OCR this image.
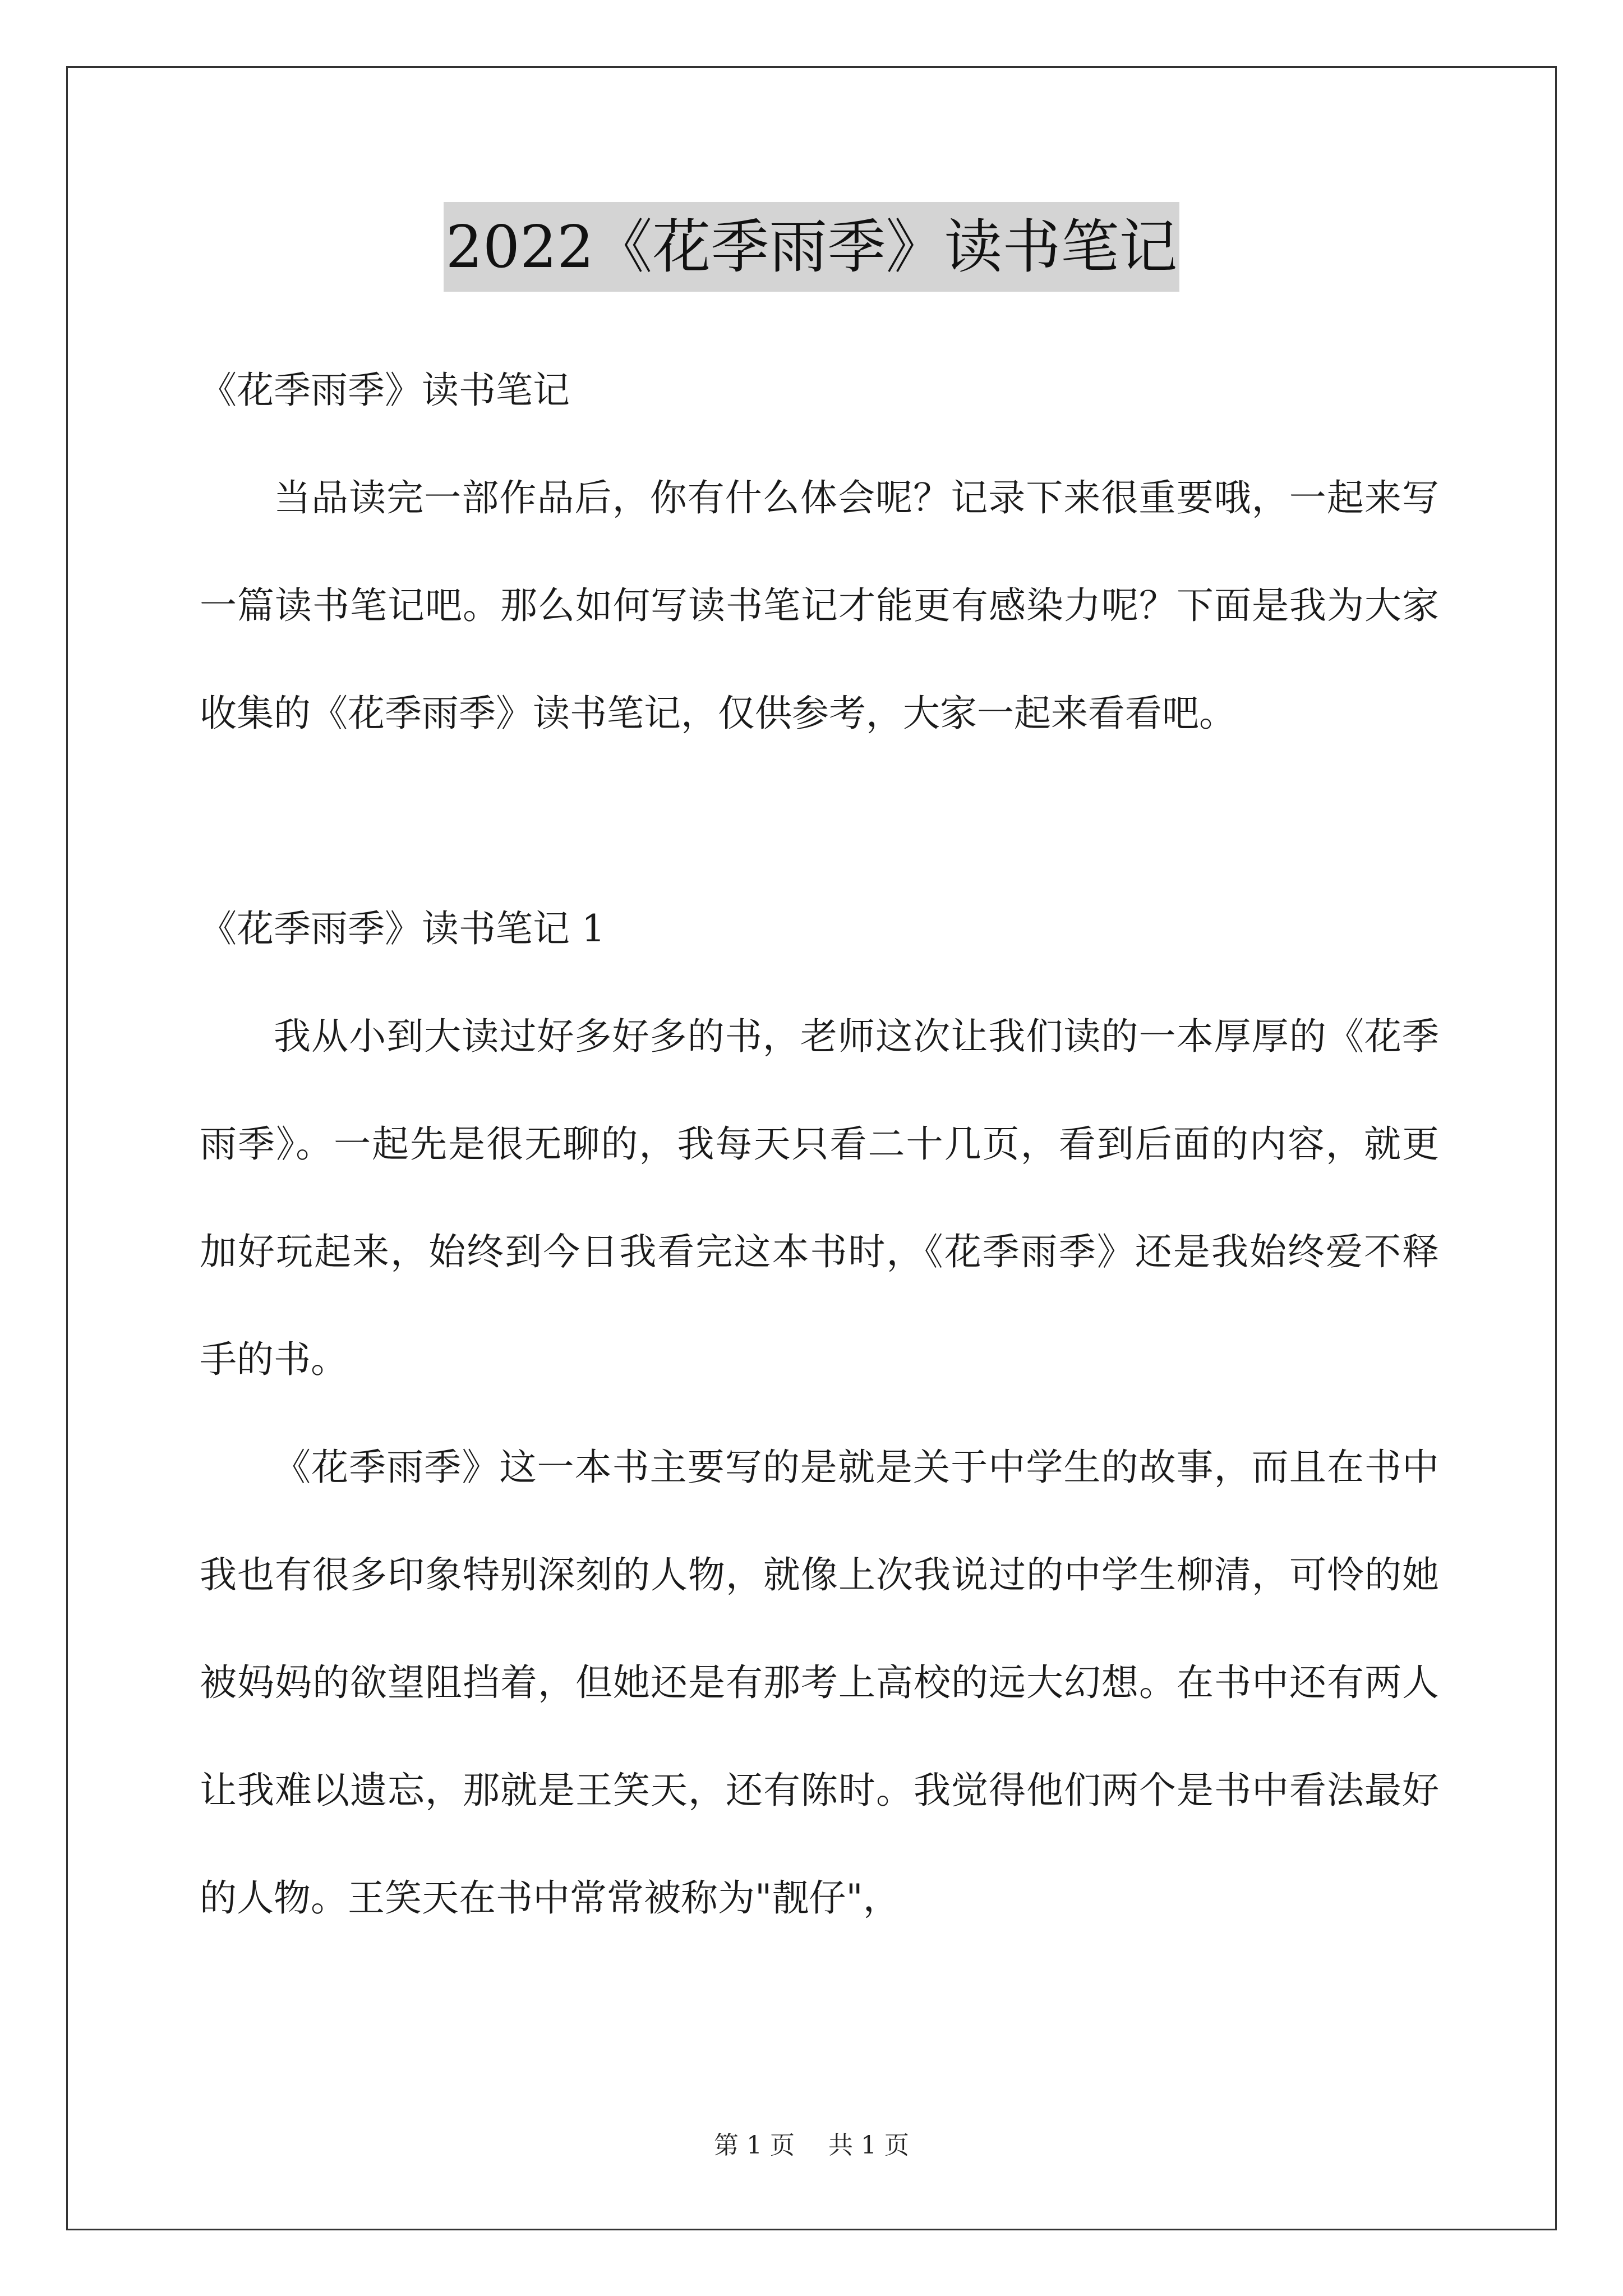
2022《花季雨季》读书笔记

《花季雨季》读书笔记

当品读完一部作品后，你有什么体会呢？记录下来很重要哦，一起来写一篇读书笔记吧。那么如何写读书笔记才能更有感染力呢？下面是我为大家收集的《花季雨季》读书笔记，仅供参考，大家一起来看看吧。

《花季雨季》读书笔记 1

我从小到大读过好多好多的书，老师这次让我们读的一本厚厚的《花季雨季》。一起先是很无聊的，我每天只看二十几页，看到后面的内容，就更加好玩起来，始终到今日我看完这本书时，《花季雨季》还是我始终爱不释手的书。

《花季雨季》这一本书主要写的是就是关于中学生的故事，而且在书中我也有很多印象特别深刻的人物，就像上次我说过的中学生柳清，可怜的她被妈妈的欲望阻挡着，但她还是有那考上高校的远大幻想。在书中还有两人让我难以遗忘，那就是王笑天，还有陈时。我觉得他们两个是书中看法最好的人物。王笑天在书中常常被称为"靓仔"，

第 1 页 共 1 页
